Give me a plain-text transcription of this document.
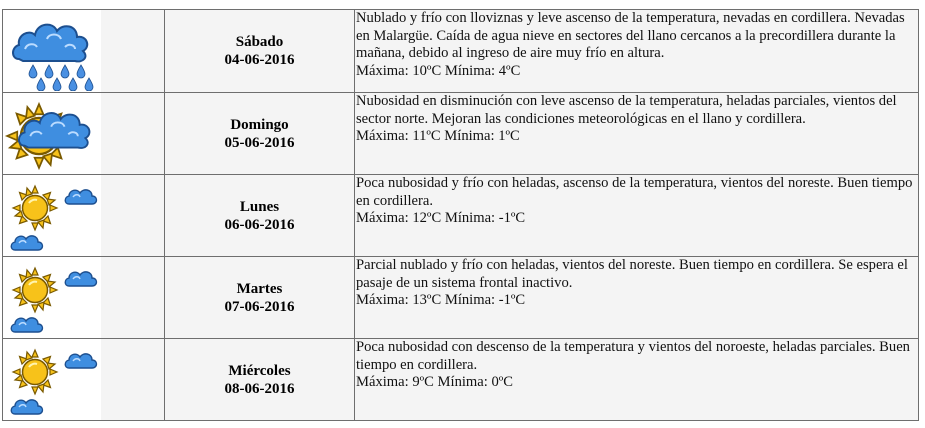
Sábado
04-06-2016	Nublado y frío con lloviznas y leve ascenso de la temperatura, nevadas en cordillera. Nevadas en Malargüe. Caída de agua nieve en sectores del llano cercanos a la precordillera durante la mañana, debido al ingreso de aire muy frío en altura.
Máxima: 10ºC Mínima: 4ºC

Domingo
05-06-2016	Nubosidad en disminución con leve ascenso de la temperatura, heladas parciales, vientos del sector norte. Mejoran las condiciones meteorológicas en el llano y cordillera.
Máxima: 11ºC Mínima: 1ºC

Lunes
06-06-2016	Poca nubosidad y frío con heladas, ascenso de la temperatura, vientos del noreste. Buen tiempo en cordillera.
Máxima: 12ºC Mínima: -1ºC

Martes
07-06-2016	Parcial nublado y frío con heladas, vientos del noreste. Buen tiempo en cordillera. Se espera el pasaje de un sistema frontal inactivo.
Máxima: 13ºC Mínima: -1ºC

Miércoles
08-06-2016	Poca nubosidad con descenso de la temperatura y vientos del noroeste, heladas parciales. Buen tiempo en cordillera.
Máxima: 9ºC Mínima: 0ºC
